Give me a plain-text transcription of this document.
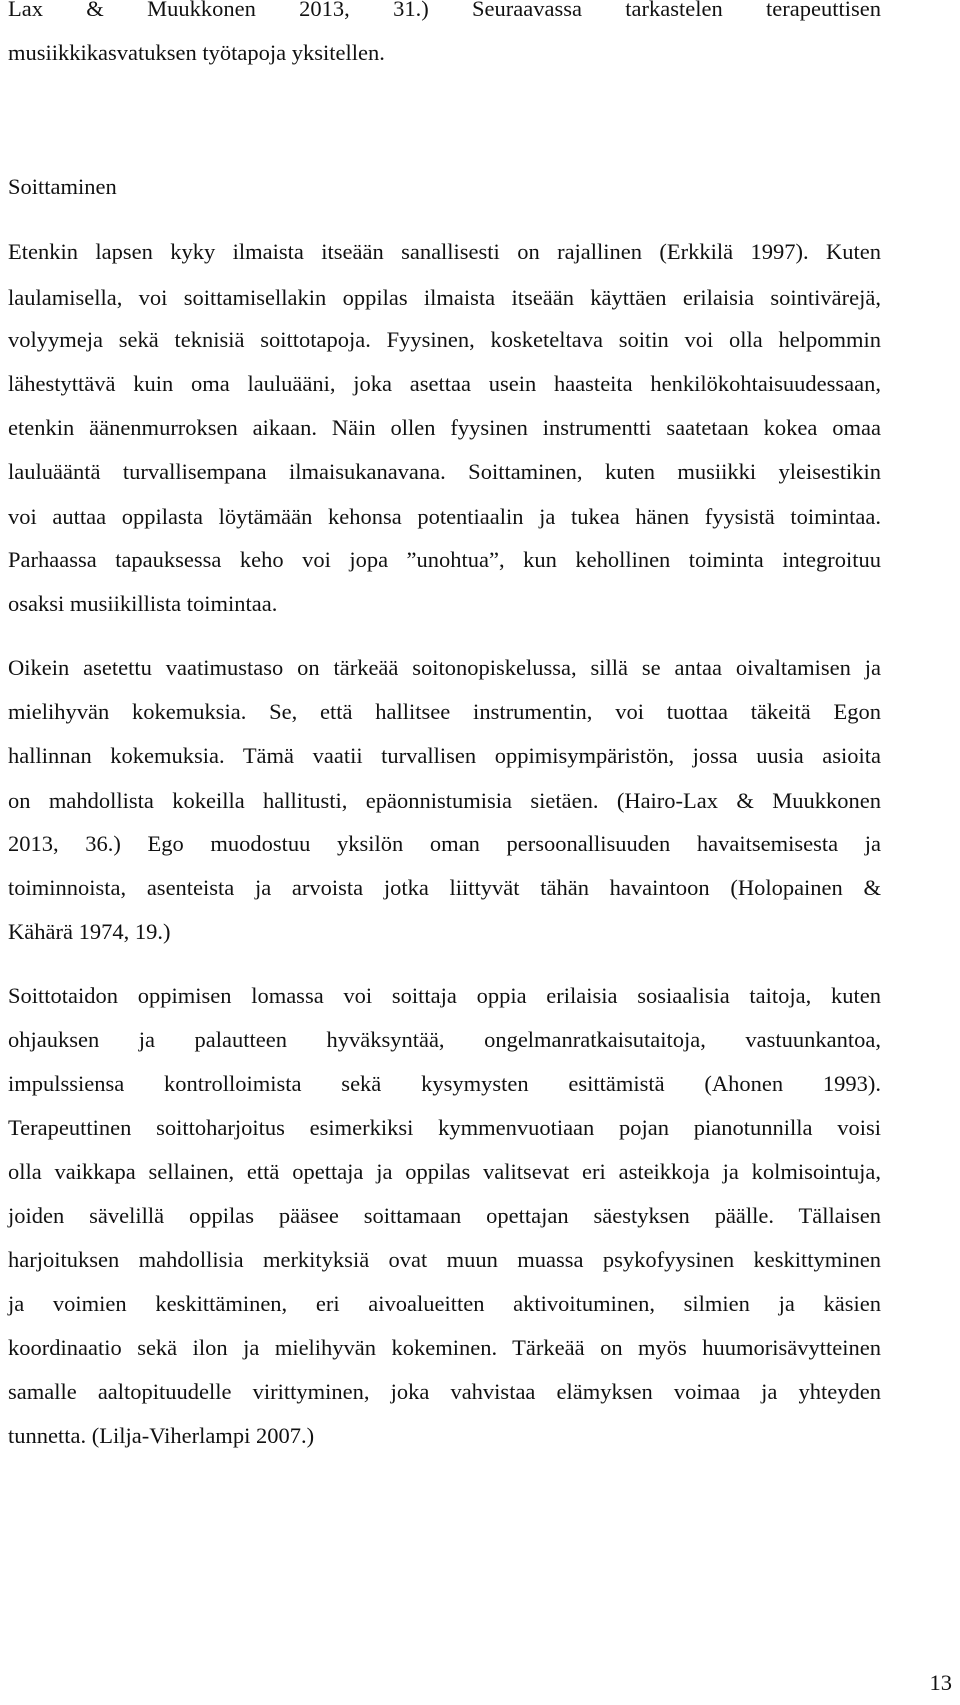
Lax & Muukkonen 2013, 31.) Seuraavassa tarkastelen terapeuttisen
musiikkikasvatuksen työtapoja yksitellen.
Soittaminen
Etenkin lapsen kyky ilmaista itseään sanallisesti on rajallinen (Erkkilä 1997). Kuten
laulamisella, voi soittamisellakin oppilas ilmaista itseään käyttäen erilaisia sointivärejä,
volyymeja sekä teknisiä soittotapoja. Fyysinen, kosketeltava soitin voi olla helpommin
lähestyttävä kuin oma lauluääni, joka asettaa usein haasteita henkilökohtaisuudessaan,
etenkin äänenmurroksen aikaan. Näin ollen fyysinen instrumentti saatetaan kokea omaa
lauluääntä turvallisempana ilmaisukanavana. Soittaminen, kuten musiikki yleisestikin
voi auttaa oppilasta löytämään kehonsa potentiaalin ja tukea hänen fyysistä toimintaa.
Parhaassa tapauksessa keho voi jopa ”unohtua”, kun kehollinen toiminta integroituu
osaksi musiikillista toimintaa.
Oikein asetettu vaatimustaso on tärkeää soitonopiskelussa, sillä se antaa oivaltamisen ja
mielihyvän kokemuksia. Se, että hallitsee instrumentin, voi tuottaa täkeitä Egon
hallinnan kokemuksia. Tämä vaatii turvallisen oppimisympäristön, jossa uusia asioita
on mahdollista kokeilla hallitusti, epäonnistumisia sietäen. (Hairo-Lax & Muukkonen
2013, 36.) Ego muodostuu yksilön oman persoonallisuuden havaitsemisesta ja
toiminnoista, asenteista ja arvoista jotka liittyvät tähän havaintoon (Holopainen &
Kähärä 1974, 19.)
Soittotaidon oppimisen lomassa voi soittaja oppia erilaisia sosiaalisia taitoja, kuten
ohjauksen ja palautteen hyväksyntää, ongelmanratkaisutaitoja, vastuunkantoa,
impulssiensa kontrolloimista sekä kysymysten esittämistä (Ahonen 1993).
Terapeuttinen soittoharjoitus esimerkiksi kymmenvuotiaan pojan pianotunnilla voisi
olla vaikkapa sellainen, että opettaja ja oppilas valitsevat eri asteikkoja ja kolmisointuja,
joiden sävelillä oppilas pääsee soittamaan opettajan säestyksen päälle. Tällaisen
harjoituksen mahdollisia merkityksiä ovat muun muassa psykofyysinen keskittyminen
ja voimien keskittäminen, eri aivoalueitten aktivoituminen, silmien ja käsien
koordinaatio sekä ilon ja mielihyvän kokeminen. Tärkeää on myös huumorisävytteinen
samalle aaltopituudelle virittyminen, joka vahvistaa elämyksen voimaa ja yhteyden
tunnetta. (Lilja-Viherlampi 2007.)
13
